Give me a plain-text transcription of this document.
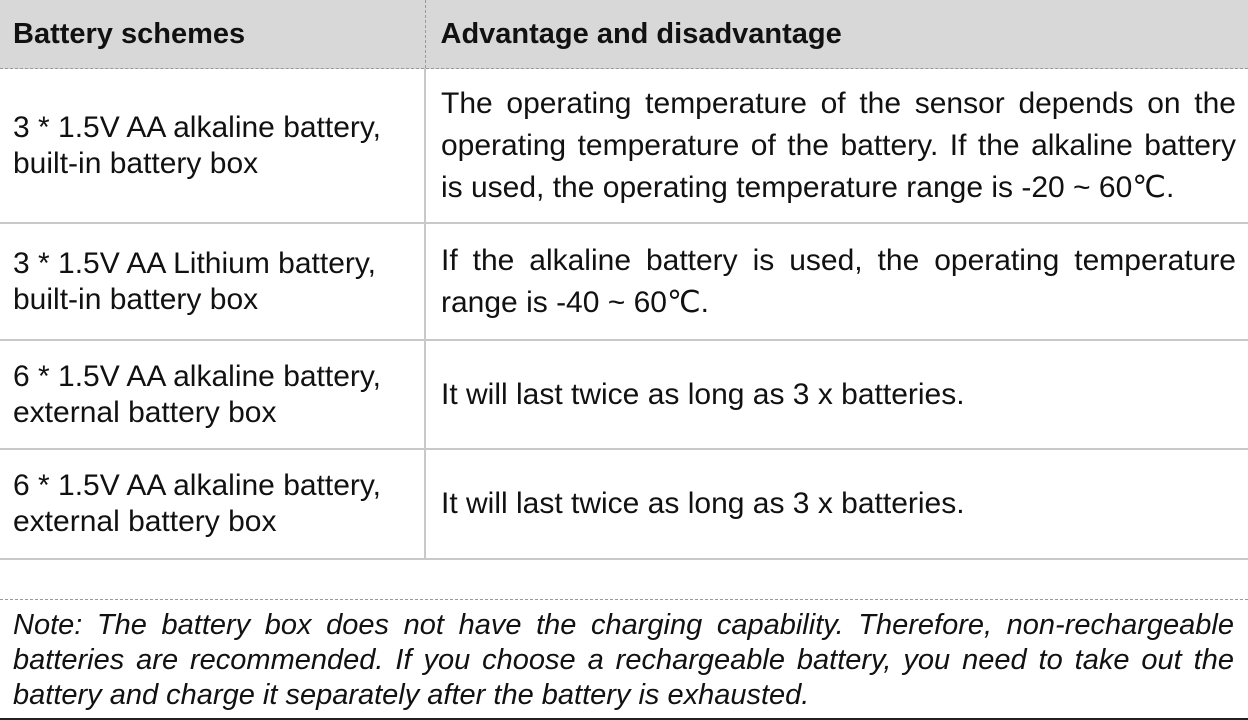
Battery schemes	Advantage and disadvantage
3 * 1.5V AA alkaline battery, built-in battery box	The operating temperature of the sensor depends on the operating temperature of the battery. If the alkaline battery is used, the operating temperature range is -20 ~ 60℃.

3 * 1.5V AA Lithium battery, built-in battery box	If the alkaline battery is used, the operating temperature range is -40 ~ 60℃.

6 * 1.5V AA alkaline battery, external battery box	It will last twice as long as 3 x batteries.

6 * 1.5V AA alkaline battery, external battery box	It will last twice as long as 3 x batteries.

Note: The battery box does not have the charging capability. Therefore, non-rechargeable batteries are recommended. If you choose a rechargeable battery, you need to take out the battery and charge it separately after the battery is exhausted.
